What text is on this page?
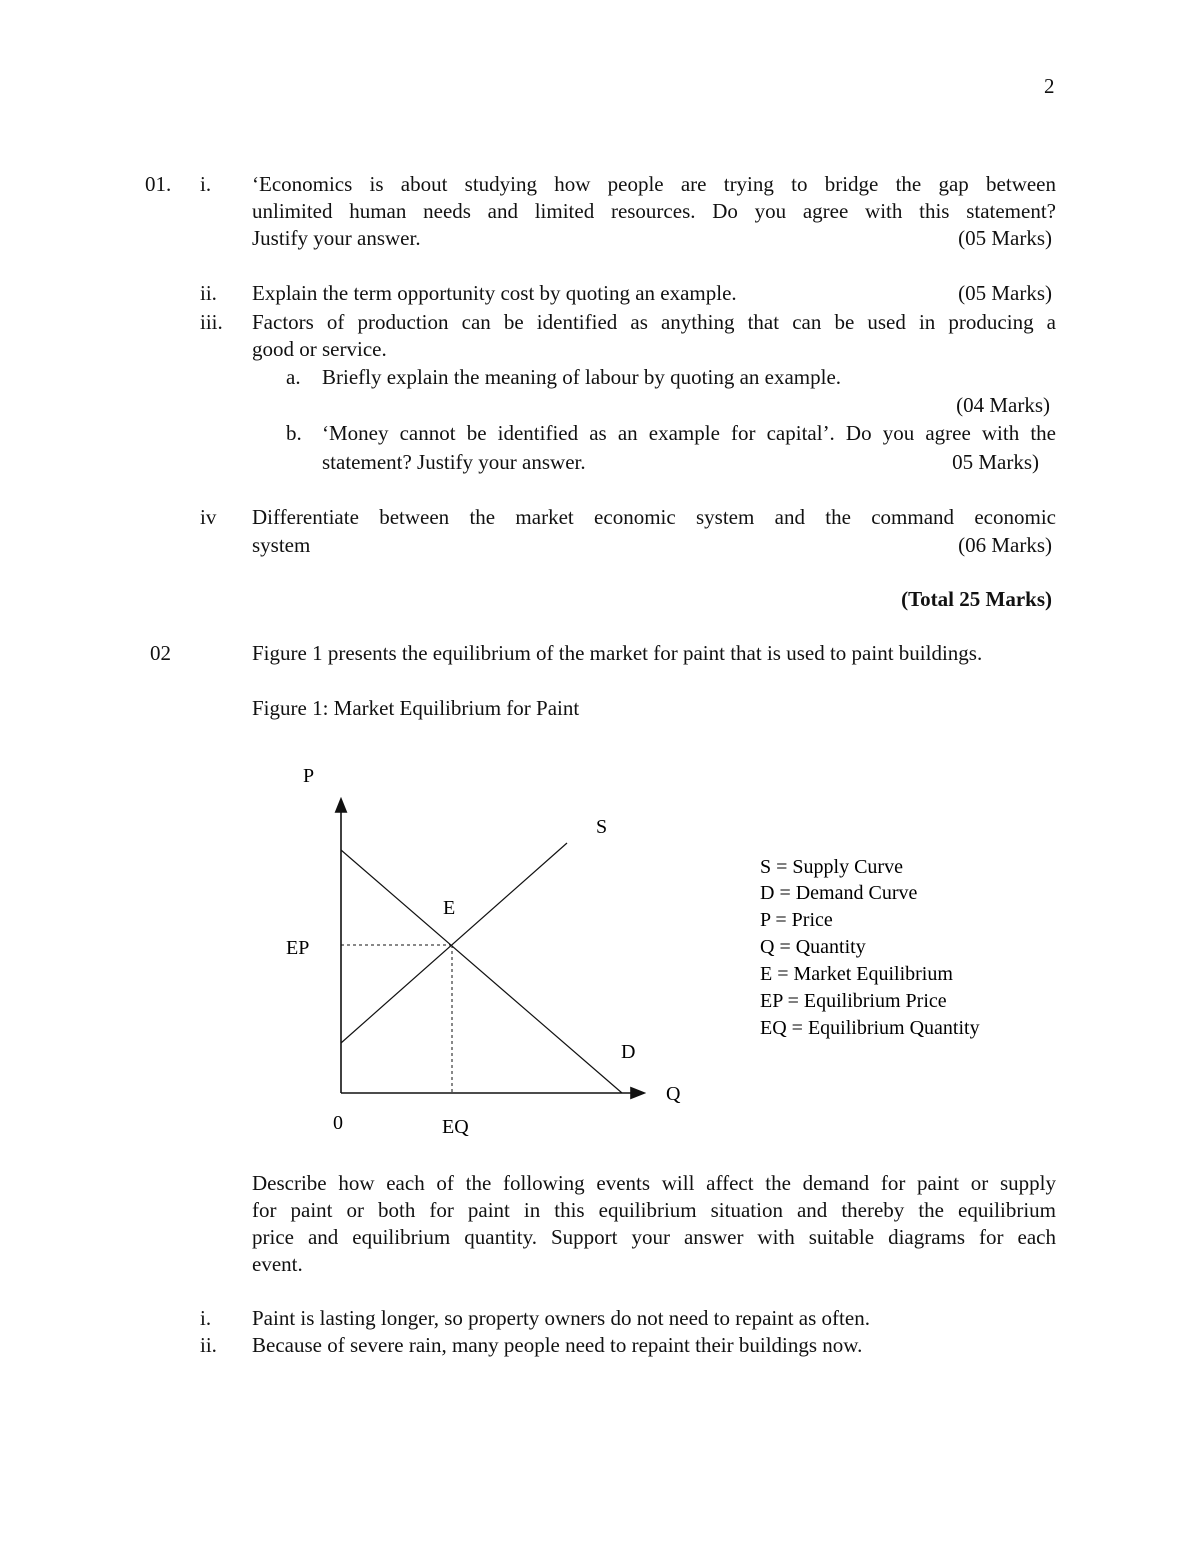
2
01. i. ‘Economics is about studying how people are trying to bridge the gap between
unlimited human needs and limited resources. Do you agree with this statement?
Justify your answer.	(05 Marks)
ii. Explain the term opportunity cost by quoting an example.	(05 Marks)
iii. Factors of production can be identified as anything that can be used in producing a
good or service.
a. Briefly explain the meaning of labour by quoting an example.
(04 Marks)
b. ‘Money cannot be identified as an example for capital’. Do you agree with the
statement? Justify your answer.	05 Marks)
iv Differentiate between the market economic system and the command economic
system	(06 Marks)
(Total 25 Marks)
02	Figure 1 presents the equilibrium of the market for paint that is used to paint buildings.
Figure 1: Market Equilibrium for Paint
P
Q
0
S
D
E
EP
EQ
S = Supply Curve
D = Demand Curve
P = Price
Q = Quantity
E = Market Equilibrium
EP = Equilibrium Price
EQ = Equilibrium Quantity
Describe how each of the following events will affect the demand for paint or supply
for paint or both for paint in this equilibrium situation and thereby the equilibrium
price and equilibrium quantity. Support your answer with suitable diagrams for each
event.
i. Paint is lasting longer, so property owners do not need to repaint as often.
ii. Because of severe rain, many people need to repaint their buildings now.
